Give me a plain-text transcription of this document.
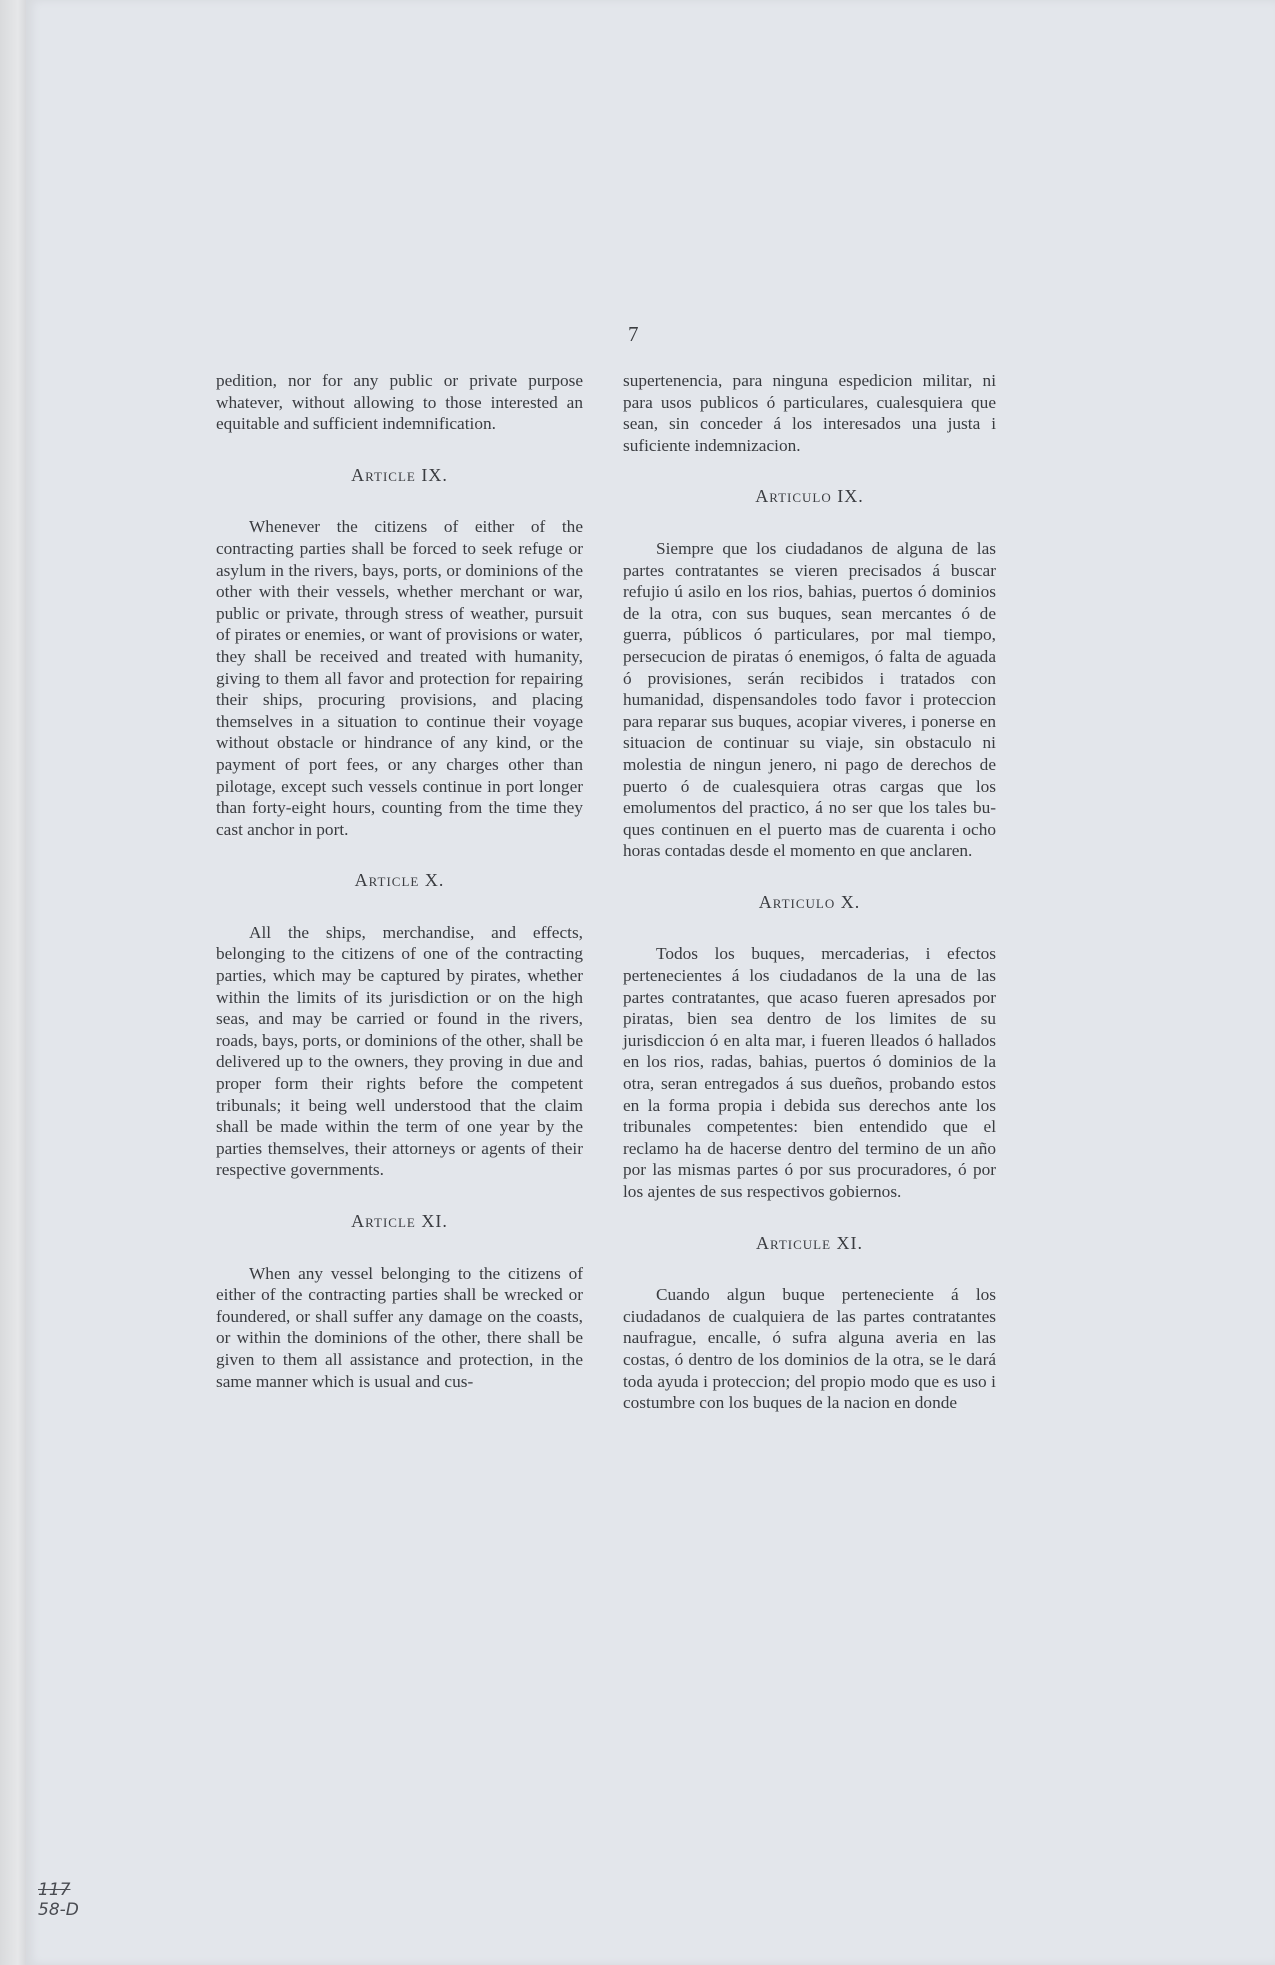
7

pedition, nor for any public or private purpose whatever, without allowing to those interested an equitable and sufficient indemnification.

Article IX.

Whenever the citizens of either of the contracting parties shall be forced to seek refuge or asylum in the rivers, bays, ports, or dominions of the other with their vessels, whether merchant or war, public or private, through stress of weather, pursuit of pirates or enemies, or want of provisions or water, they shall be received and treated with humanity, giving to them all favor and protection for repairing their ships, procuring provisions, and placing themselves in a situation to continue their voyage without obstacle or hindrance of any kind, or the payment of port fees, or any charges other than pilotage, except such vessels continue in port longer than forty-eight hours, counting from the time they cast anchor in port.

Article X.

All the ships, merchandise, and effects, belonging to the citizens of one of the contracting parties, which may be captured by pirates, whether within the limits of its jurisdiction or on the high seas, and may be carried or found in the rivers, roads, bays, ports, or dominions of the other, shall be delivered up to the owners, they proving in due and proper form their rights before the competent tribunals; it being well understood that the claim shall be made within the term of one year by the parties themselves, their attorneys or agents of their respective governments.

Article XI.

When any vessel belonging to the citizens of either of the contracting parties shall be wrecked or foundered, or shall suffer any damage on the coasts, or within the dominions of the other, there shall be given to them all assistance and protection, in the same manner which is usual and cus-

supertenencia, para ninguna espedicion militar, ni para usos publicos ó particulares, cualesquiera que sean, sin conceder á los interesados una justa i suficiente indemnizacion.

Articulo IX.

Siempre que los ciudadanos de alguna de las partes contratantes se vieren precisados á buscar refujio ú asilo en los rios, bahias, puertos ó dominios de la otra, con sus buques, sean mercantes ó de guerra, públicos ó particulares, por mal tiempo, persecucion de piratas ó enemigos, ó falta de aguada ó provisiones, serán recibidos i tratados con humanidad, dispensandoles todo favor i proteccion para reparar sus buques, acopiar viveres, i ponerse en situacion de continuar su viaje, sin obstaculo ni molestia de ningun jenero, ni pago de derechos de puerto ó de cualesquiera otras cargas que los emolumentos del practico, á no ser que los tales buques continuen en el puerto mas de cuarenta i ocho horas contadas desde el momento en que anclaren.

Articulo X.

Todos los buques, mercaderias, i efectos pertenecientes á los ciudadanos de la una de las partes contratantes, que acaso fueren apresados por piratas, bien sea dentro de los limites de su jurisdiccion ó en alta mar, i fueren lleados ó hallados en los rios, radas, bahias, puertos ó dominios de la otra, seran entregados á sus dueños, probando estos en la forma propia i debida sus derechos ante los tribunales competentes: bien entendido que el reclamo ha de hacerse dentro del termino de un año por las mismas partes ó por sus procuradores, ó por los ajentes de sus respectivos gobiernos.

Articule XI.

Cuando algun buque perteneciente á los ciudadanos de cualquiera de las partes contratantes naufrague, encalle, ó sufra alguna averia en las costas, ó dentro de los dominios de la otra, se le dará toda ayuda i proteccion; del propio modo que es uso i costumbre con los buques de la nacion en donde

117
58-D
